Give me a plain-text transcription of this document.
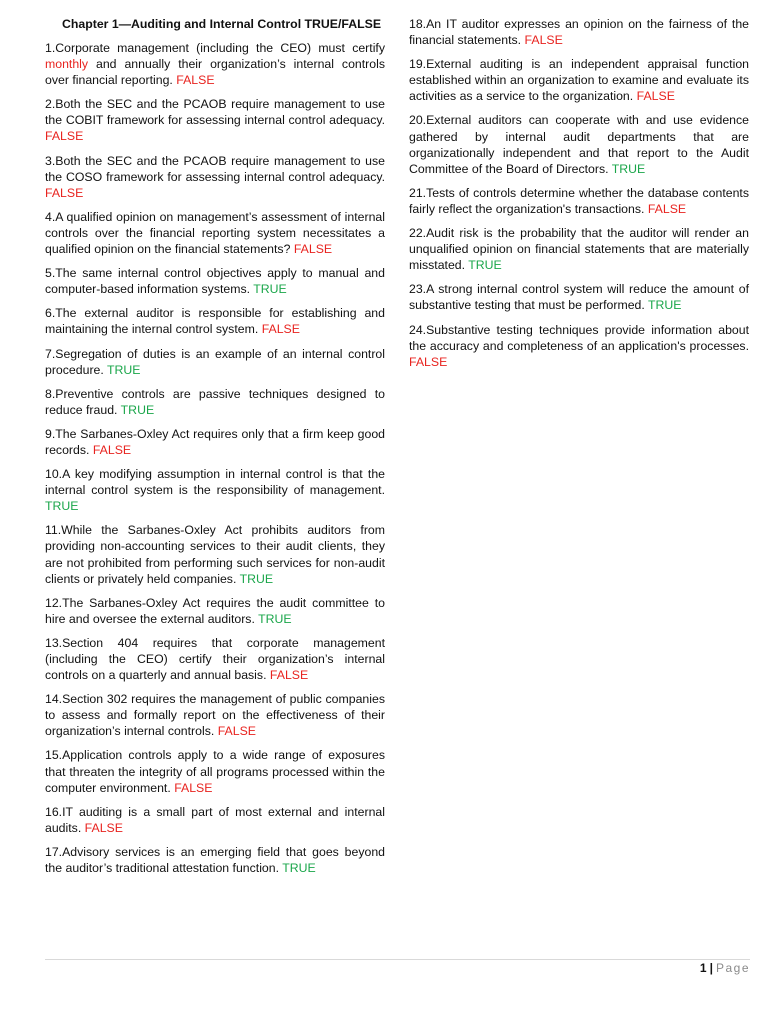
Chapter 1—Auditing and Internal Control TRUE/FALSE
1.Corporate management (including the CEO) must certify monthly and annually their organization’s internal controls over financial reporting. FALSE
2.Both the SEC and the PCAOB require management to use the COBIT framework for assessing internal control adequacy. FALSE
3.Both the SEC and the PCAOB require management to use the COSO framework for assessing internal control adequacy. FALSE
4.A qualified opinion on management’s assessment of internal controls over the financial reporting system necessitates a qualified opinion on the financial statements? FALSE
5.The same internal control objectives apply to manual and computer-based information systems. TRUE
6.The external auditor is responsible for establishing and maintaining the internal control system. FALSE
7.Segregation of duties is an example of an internal control procedure. TRUE
8.Preventive controls are passive techniques designed to reduce fraud. TRUE
9.The Sarbanes-Oxley Act requires only that a firm keep good records. FALSE
10.A key modifying assumption in internal control is that the internal control system is the responsibility of management. TRUE
11.While the Sarbanes-Oxley Act prohibits auditors from providing non-accounting services to their audit clients, they are not prohibited from performing such services for non-audit clients or privately held companies. TRUE
12.The Sarbanes-Oxley Act requires the audit committee to hire and oversee the external auditors. TRUE
13.Section 404 requires that corporate management (including the CEO) certify their organization’s internal controls on a quarterly and annual basis. FALSE
14.Section 302 requires the management of public companies to assess and formally report on the effectiveness of their organization’s internal controls. FALSE
15.Application controls apply to a wide range of exposures that threaten the integrity of all programs processed within the computer environment. FALSE
16.IT auditing is a small part of most external and internal audits. FALSE
17.Advisory services is an emerging field that goes beyond the auditor’s traditional attestation function. TRUE
18.An IT auditor expresses an opinion on the fairness of the financial statements. FALSE
19.External auditing is an independent appraisal function established within an organization to examine and evaluate its activities as a service to the organization. FALSE
20.External auditors can cooperate with and use evidence gathered by internal audit departments that are organizationally independent and that report to the Audit Committee of the Board of Directors. TRUE
21.Tests of controls determine whether the database contents fairly reflect the organization's transactions. FALSE
22.Audit risk is the probability that the auditor will render an unqualified opinion on financial statements that are materially misstated. TRUE
23.A strong internal control system will reduce the amount of substantive testing that must be performed. TRUE
24.Substantive testing techniques provide information about the accuracy and completeness of an application's processes. FALSE
1 | Page
